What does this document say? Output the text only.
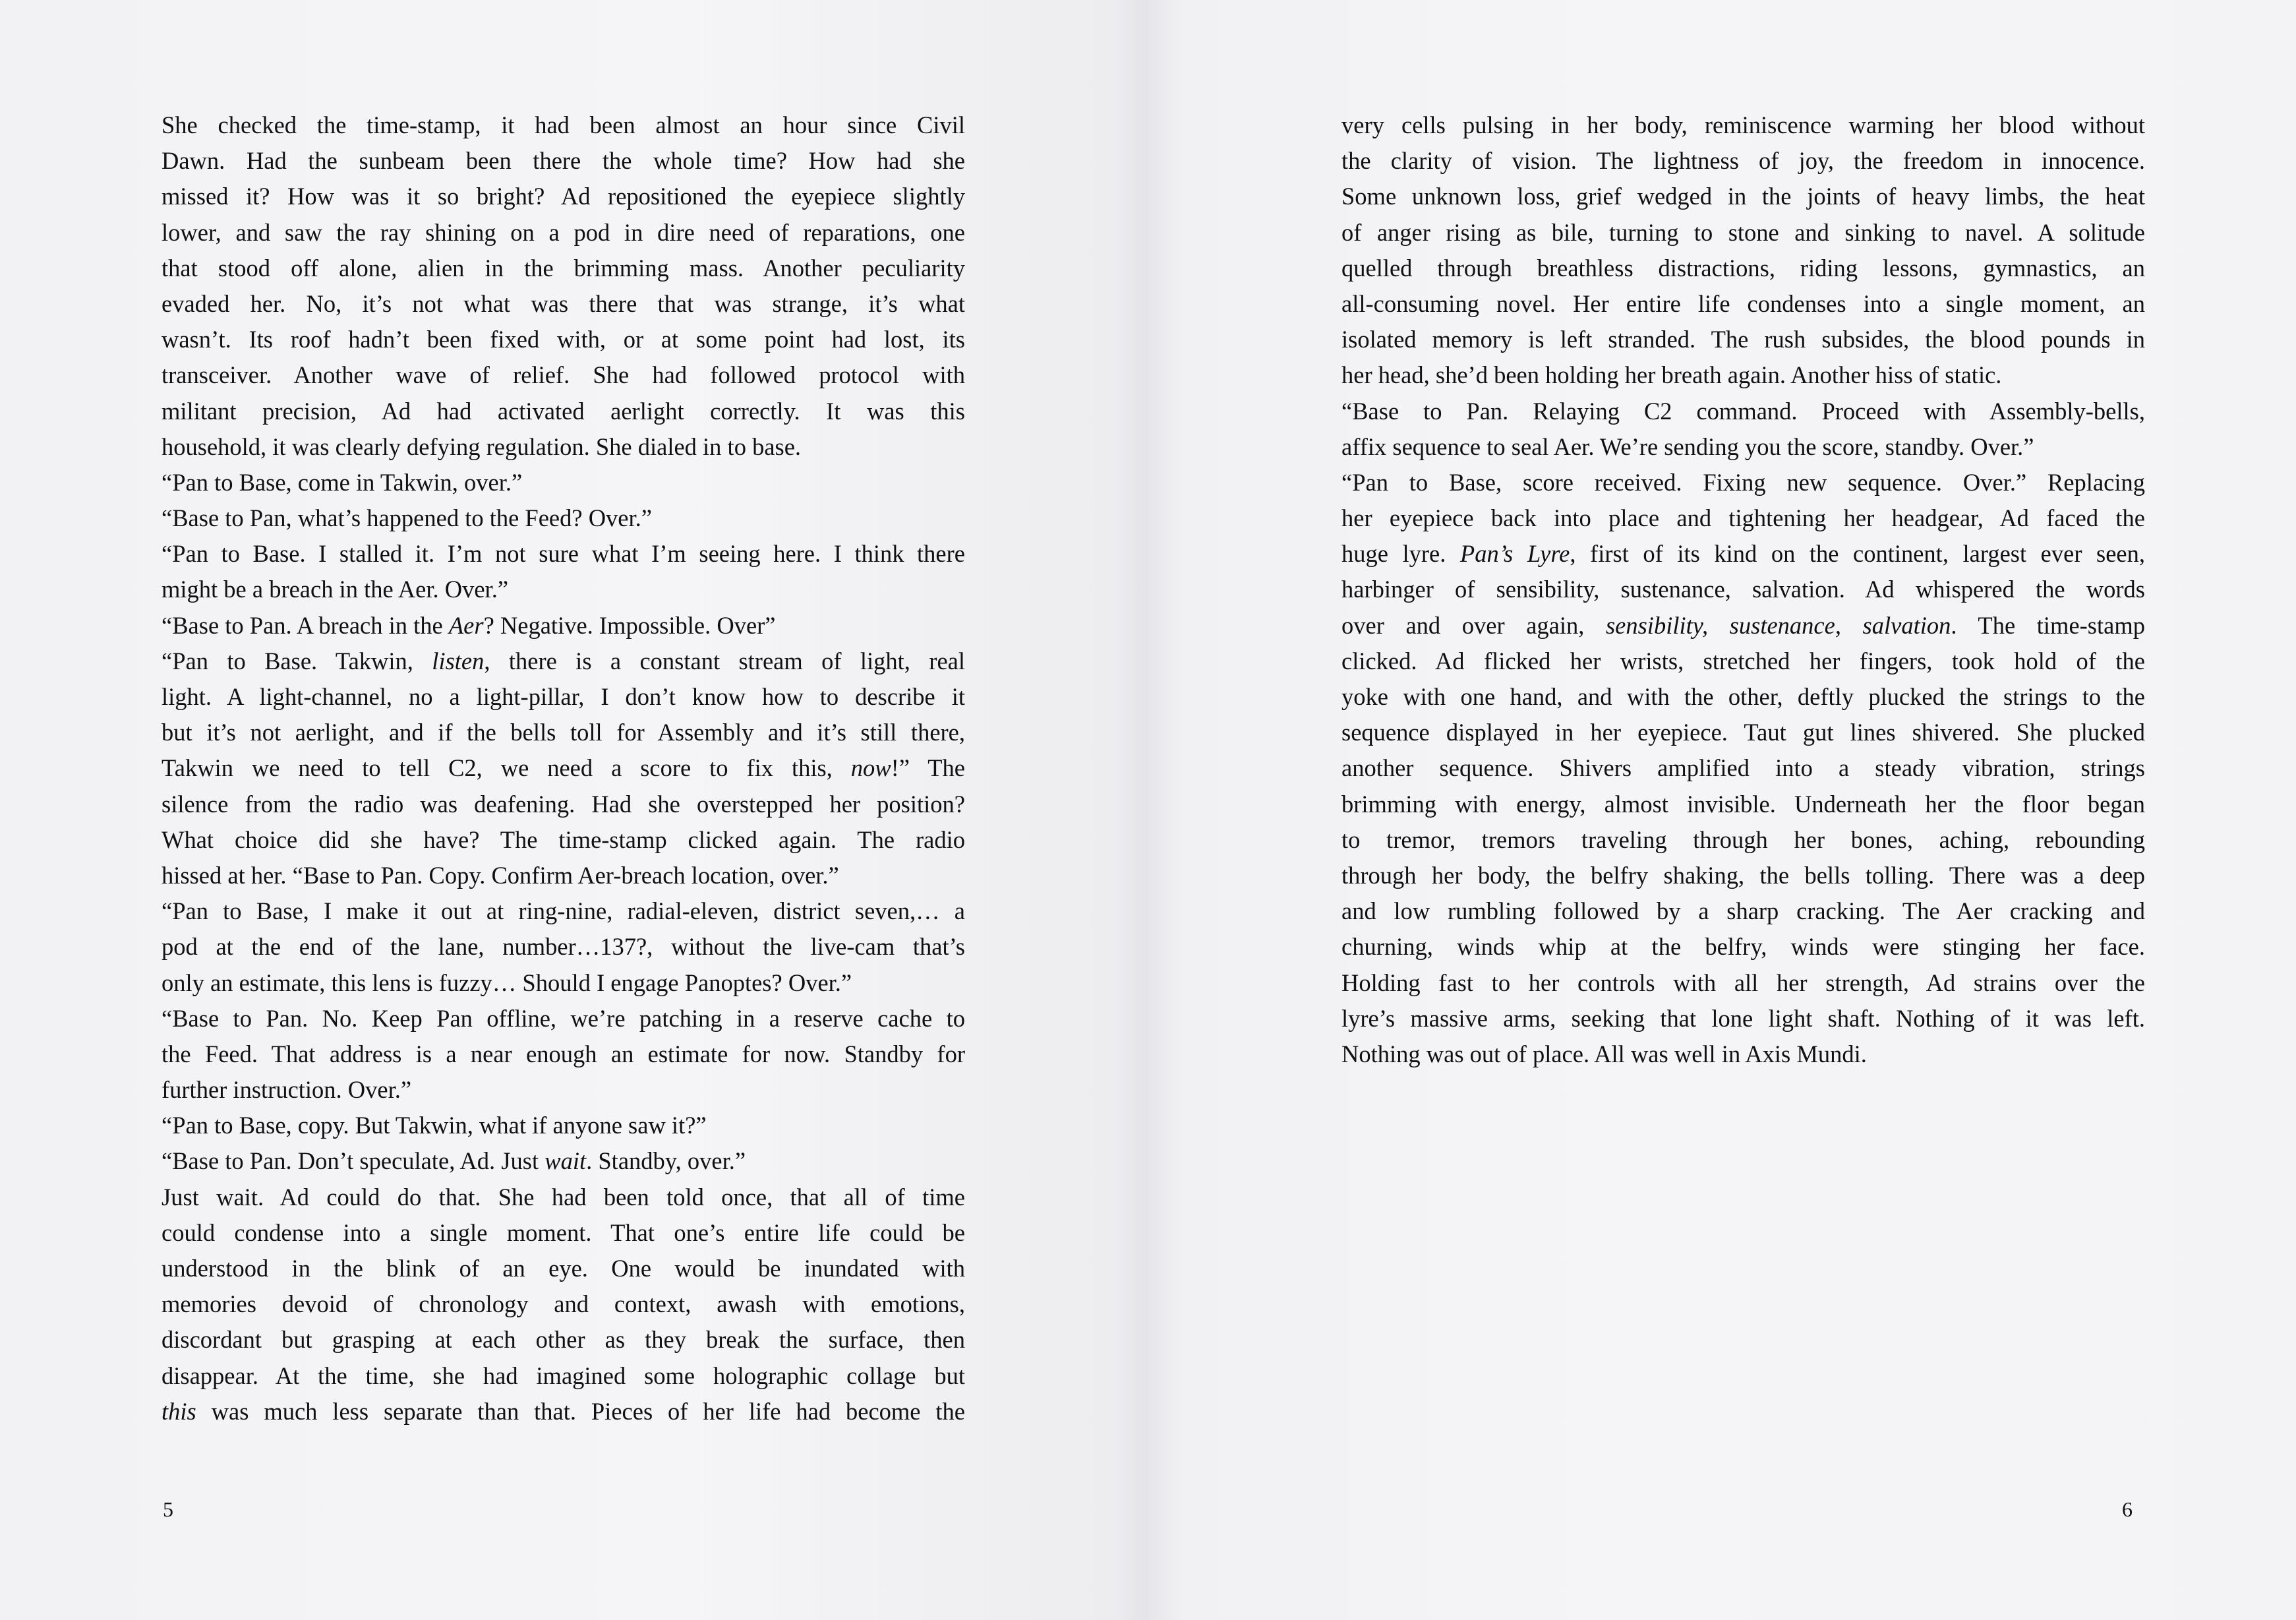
She checked the time-stamp, it had been almost an hour since Civil
Dawn. Had the sunbeam been there the whole time? How had she
missed it? How was it so bright? Ad repositioned the eyepiece slightly
lower, and saw the ray shining on a pod in dire need of reparations, one
that stood off alone, alien in the brimming mass. Another peculiarity
evaded her. No, it’s not what was there that was strange, it’s what
wasn’t. Its roof hadn’t been fixed with, or at some point had lost, its
transceiver. Another wave of relief. She had followed protocol with
militant precision, Ad had activated aerlight correctly. It was this
household, it was clearly defying regulation. She dialed in to base.
“Pan to Base, come in Takwin, over.”
“Base to Pan, what’s happened to the Feed? Over.”
“Pan to Base. I stalled it. I’m not sure what I’m seeing here. I think there
might be a breach in the Aer. Over.”
“Base to Pan. A breach in the Aer? Negative. Impossible. Over”
“Pan to Base. Takwin, listen, there is a constant stream of light, real
light. A light-channel, no a light-pillar, I don’t know how to describe it
but it’s not aerlight, and if the bells toll for Assembly and it’s still there,
Takwin we need to tell C2, we need a score to fix this, now!” The
silence from the radio was deafening. Had she overstepped her position?
What choice did she have? The time-stamp clicked again. The radio
hissed at her. “Base to Pan. Copy. Confirm Aer-breach location, over.”
“Pan to Base, I make it out at ring-nine, radial-eleven, district seven,… a
pod at the end of the lane, number…137?, without the live-cam that’s
only an estimate, this lens is fuzzy… Should I engage Panoptes? Over.”
“Base to Pan. No. Keep Pan offline, we’re patching in a reserve cache to
the Feed. That address is a near enough an estimate for now. Standby for
further instruction. Over.”
“Pan to Base, copy. But Takwin, what if anyone saw it?”
“Base to Pan. Don’t speculate, Ad. Just wait. Standby, over.”
Just wait. Ad could do that. She had been told once, that all of time
could condense into a single moment. That one’s entire life could be
understood in the blink of an eye. One would be inundated with
memories devoid of chronology and context, awash with emotions,
discordant but grasping at each other as they break the surface, then
disappear. At the time, she had imagined some holographic collage but
this was much less separate than that. Pieces of her life had become the
5
very cells pulsing in her body, reminiscence warming her blood without
the clarity of vision. The lightness of joy, the freedom in innocence.
Some unknown loss, grief wedged in the joints of heavy limbs, the heat
of anger rising as bile, turning to stone and sinking to navel. A solitude
quelled through breathless distractions, riding lessons, gymnastics, an
all-consuming novel. Her entire life condenses into a single moment, an
isolated memory is left stranded. The rush subsides, the blood pounds in
her head, she’d been holding her breath again. Another hiss of static.
“Base to Pan. Relaying C2 command. Proceed with Assembly-bells,
affix sequence to seal Aer. We’re sending you the score, standby. Over.”
“Pan to Base, score received. Fixing new sequence. Over.” Replacing
her eyepiece back into place and tightening her headgear, Ad faced the
huge lyre. Pan’s Lyre, first of its kind on the continent, largest ever seen,
harbinger of sensibility, sustenance, salvation. Ad whispered the words
over and over again, sensibility, sustenance, salvation. The time-stamp
clicked. Ad flicked her wrists, stretched her fingers, took hold of the
yoke with one hand, and with the other, deftly plucked the strings to the
sequence displayed in her eyepiece. Taut gut lines shivered. She plucked
another sequence. Shivers amplified into a steady vibration, strings
brimming with energy, almost invisible. Underneath her the floor began
to tremor, tremors traveling through her bones, aching, rebounding
through her body, the belfry shaking, the bells tolling. There was a deep
and low rumbling followed by a sharp cracking. The Aer cracking and
churning, winds whip at the belfry, winds were stinging her face.
Holding fast to her controls with all her strength, Ad strains over the
lyre’s massive arms, seeking that lone light shaft. Nothing of it was left.
Nothing was out of place. All was well in Axis Mundi.
6
